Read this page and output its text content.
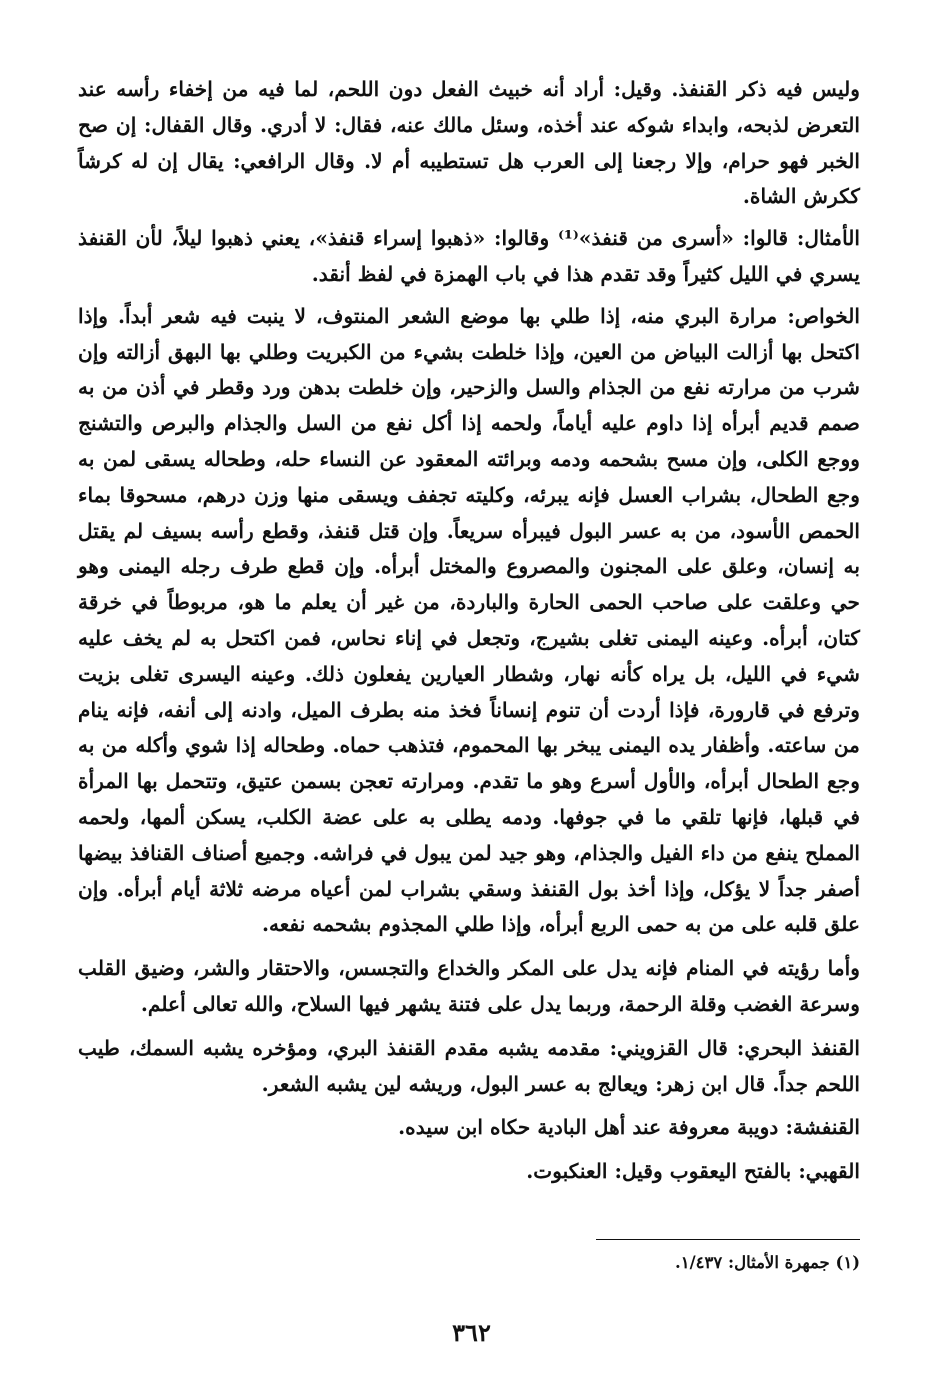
وليس فيه ذكر القنفذ. وقيل: أراد أنه خبيث الفعل دون اللحم، لما فيه من إخفاء رأسه عند التعرض لذبحه، وابداء شوكه عند أخذه، وسئل مالك عنه، فقال: لا أدري. وقال القفال: إن صح الخبر فهو حرام، وإلا رجعنا إلى العرب هل تستطيبه أم لا. وقال الرافعي: يقال إن له كرشاً ككرش الشاة.

الأمثال: قالوا: «أسرى من قنفذ»⁽¹⁾ وقالوا: «ذهبوا إسراء قنفذ»، يعني ذهبوا ليلاً، لأن القنفذ يسري في الليل كثيراً وقد تقدم هذا في باب الهمزة في لفظ أنقد.

الخواص: مرارة البري منه، إذا طلي بها موضع الشعر المنتوف، لا ينبت فيه شعر أبداً. وإذا اكتحل بها أزالت البياض من العين، وإذا خلطت بشيء من الكبريت وطلي بها البهق أزالته وإن شرب من مرارته نفع من الجذام والسل والزحير، وإن خلطت بدهن ورد وقطر في أذن من به صمم قديم أبرأه إذا داوم عليه أياماً، ولحمه إذا أكل نفع من السل والجذام والبرص والتشنج ووجع الكلى، وإن مسح بشحمه ودمه وبرائته المعقود عن النساء حله، وطحاله يسقى لمن به وجع الطحال، بشراب العسل فإنه يبرئه، وكليته تجفف ويسقى منها وزن درهم، مسحوقا بماء الحمص الأسود، من به عسر البول فيبرأه سريعاً. وإن قتل قنفذ، وقطع رأسه بسيف لم يقتل به إنسان، وعلق على المجنون والمصروع والمختل أبرأه. وإن قطع طرف رجله اليمنى وهو حي وعلقت على صاحب الحمى الحارة والباردة، من غير أن يعلم ما هو، مربوطاً في خرقة كتان، أبرأه. وعينه اليمنى تغلى بشيرج، وتجعل في إناء نحاس، فمن اكتحل به لم يخف عليه شيء في الليل، بل يراه كأنه نهار، وشطار العيارين يفعلون ذلك. وعينه اليسرى تغلى بزيت وترفع في قارورة، فإذا أردت أن تنوم إنساناً فخذ منه بطرف الميل، وادنه إلى أنفه، فإنه ينام من ساعته. وأظفار يده اليمنى يبخر بها المحموم، فتذهب حماه. وطحاله إذا شوي وأكله من به وجع الطحال أبرأه، والأول أسرع وهو ما تقدم. ومرارته تعجن بسمن عتيق، وتتحمل بها المرأة في قبلها، فإنها تلقي ما في جوفها. ودمه يطلى به على عضة الكلب، يسكن ألمها، ولحمه المملح ينفع من داء الفيل والجذام، وهو جيد لمن يبول في فراشه. وجميع أصناف القنافذ بيضها أصفر جداً لا يؤكل، وإذا أخذ بول القنفذ وسقي بشراب لمن أعياه مرضه ثلاثة أيام أبرأه. وإن علق قلبه على من به حمى الربع أبرأه، وإذا طلي المجذوم بشحمه نفعه.

وأما رؤيته في المنام فإنه يدل على المكر والخداع والتجسس، والاحتقار والشر، وضيق القلب وسرعة الغضب وقلة الرحمة، وربما يدل على فتنة يشهر فيها السلاح، والله تعالى أعلم.

القنفذ البحري: قال القزويني: مقدمه يشبه مقدم القنفذ البري، ومؤخره يشبه السمك، طيب اللحم جداً. قال ابن زهر: ويعالج به عسر البول، وريشه لين يشبه الشعر.

القنفشة: دويبة معروفة عند أهل البادية حكاه ابن سيده.

القهبي: بالفتح اليعقوب وقيل: العنكبوت.

(١) جمهرة الأمثال: ١/٤٣٧.
٣٦٢
